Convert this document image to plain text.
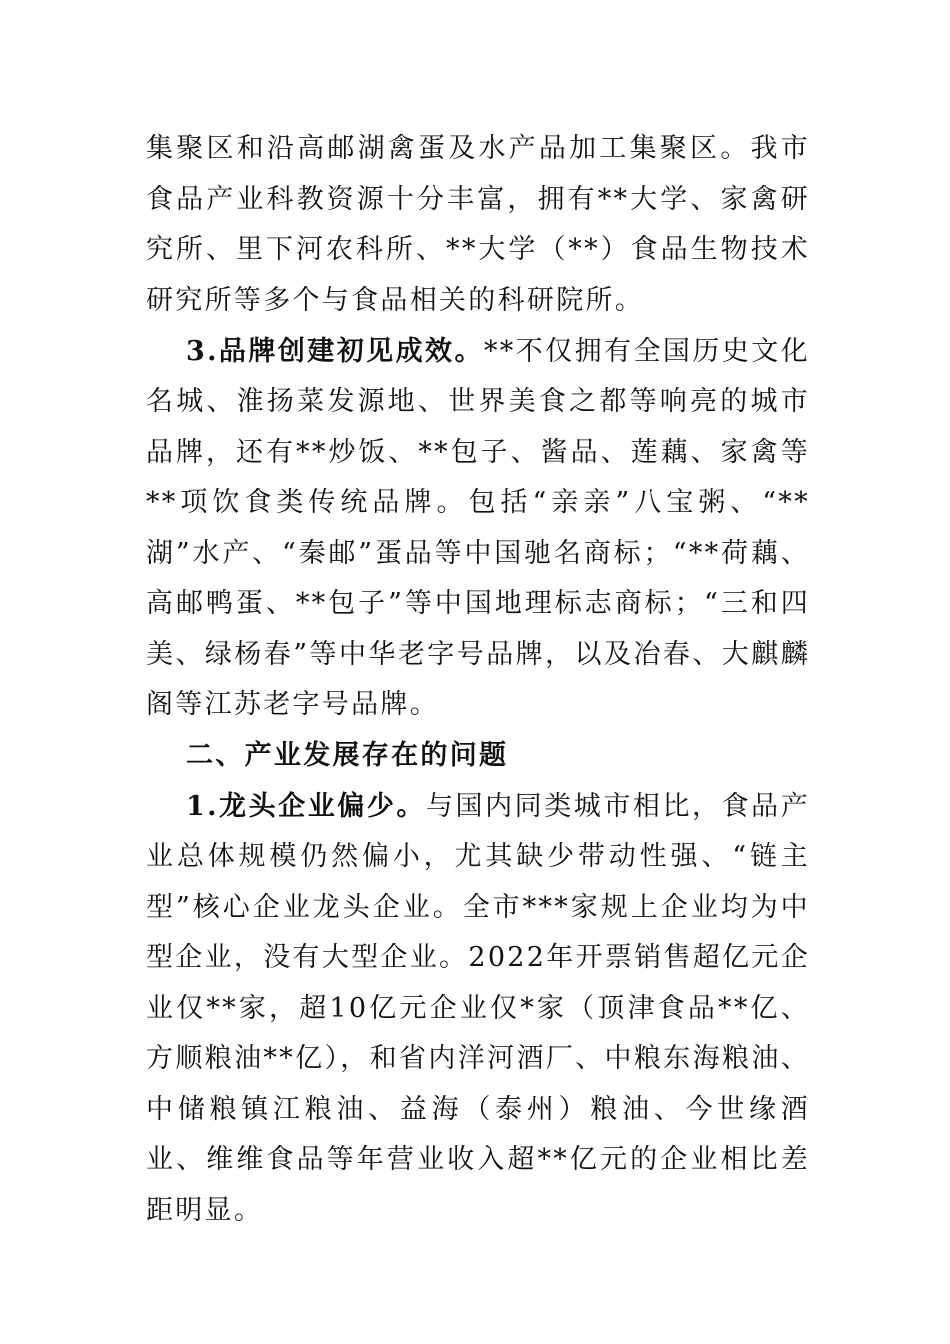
集聚区和沿高邮湖禽蛋及水产品加工集聚区。我市食品产业科教资源十分丰富，拥有**大学、家禽研究所、里下河农科所、**大学（**）食品生物技术研究所等多个与食品相关的科研院所。

3.品牌创建初见成效。**不仅拥有全国历史文化名城、淮扬菜发源地、世界美食之都等响亮的城市品牌，还有**炒饭、**包子、酱品、莲藕、家禽等**项饮食类传统品牌。包括“亲亲”八宝粥、“**湖”水产、“秦邮”蛋品等中国驰名商标；“**荷藕、高邮鸭蛋、**包子”等中国地理标志商标；“三和四美、绿杨春”等中华老字号品牌，以及冶春、大麒麟阁等江苏老字号品牌。

二、产业发展存在的问题

1.龙头企业偏少。与国内同类城市相比，食品产业总体规模仍然偏小，尤其缺少带动性强、“链主型”核心企业龙头企业。全市***家规上企业均为中型企业，没有大型企业。2022年开票销售超亿元企业仅**家，超10亿元企业仅*家（顶津食品**亿、方顺粮油**亿），和省内洋河酒厂、中粮东海粮油、中储粮镇江粮油、益海（泰州）粮油、今世缘酒业、维维食品等年营业收入超**亿元的企业相比差距明显。
